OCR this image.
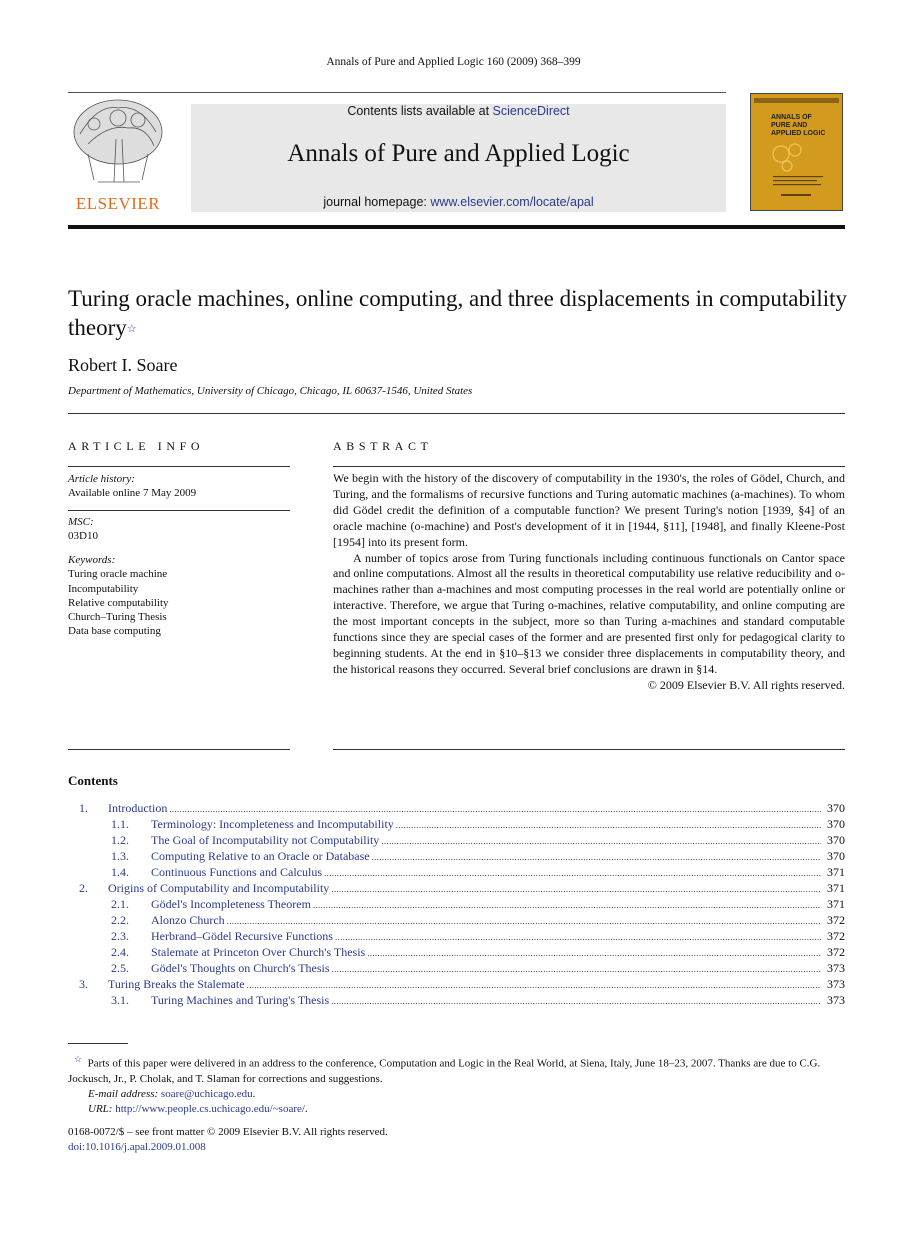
Annals of Pure and Applied Logic 160 (2009) 368–399
ELSEVIER
Contents lists available at ScienceDirect
Annals of Pure and Applied Logic
journal homepage: www.elsevier.com/locate/apal
ANNALS OF PURE AND APPLIED LOGIC
Turing oracle machines, online computing, and three displacements in computability theory☆
Robert I. Soare
Department of Mathematics, University of Chicago, Chicago, IL 60637-1546, United States
ARTICLE INFO
Article history:
Available online 7 May 2009
MSC:
03D10
Keywords:
Turing oracle machine
Incomputability
Relative computability
Church–Turing Thesis
Data base computing
ABSTRACT

We begin with the history of the discovery of computability in the 1930's, the roles of Gödel, Church, and Turing, and the formalisms of recursive functions and Turing automatic machines (a-machines). To whom did Gödel credit the definition of a computable function? We present Turing's notion [1939, §4] of an oracle machine (o-machine) and Post's development of it in [1944, §11], [1948], and finally Kleene-Post [1954] into its present form.

A number of topics arose from Turing functionals including continuous functionals on Cantor space and online computations. Almost all the results in theoretical computability use relative reducibility and o-machines rather than a-machines and most computing processes in the real world are potentially online or interactive. Therefore, we argue that Turing o-machines, relative computability, and online computing are the most important concepts in the subject, more so than Turing a-machines and standard computable functions since they are special cases of the former and are presented first only for pedagogical clarity to beginning students. At the end in §10–§13 we consider three displacements in computability theory, and the historical reasons they occurred. Several brief conclusions are drawn in §14.

© 2009 Elsevier B.V. All rights reserved.

Contents
1.	Introduction .....	370
1.1.	Terminology: Incompleteness and Incomputability .....	370
1.2.	The Goal of Incomputability not Computability .....	370
1.3.	Computing Relative to an Oracle or Database .....	370
1.4.	Continuous Functions and Calculus .....	371
2.	Origins of Computability and Incomputability .....	371
2.1.	Gödel's Incompleteness Theorem .....	371
2.2.	Alonzo Church .....	372
2.3.	Herbrand–Gödel Recursive Functions .....	372
2.4.	Stalemate at Princeton Over Church's Thesis .....	372
2.5.	Gödel's Thoughts on Church's Thesis .....	373
3.	Turing Breaks the Stalemate .....	373
3.1.	Turing Machines and Turing's Thesis .....	373

☆ Parts of this paper were delivered in an address to the conference, Computation and Logic in the Real World, at Siena, Italy, June 18–23, 2007. Thanks are due to C.G. Jockusch, Jr., P. Cholak, and T. Slaman for corrections and suggestions.

E-mail address: soare@uchicago.edu.

URL: http://www.people.cs.uchicago.edu/~soare/.

0168-0072/$ – see front matter © 2009 Elsevier B.V. All rights reserved.
doi:10.1016/j.apal.2009.01.008
